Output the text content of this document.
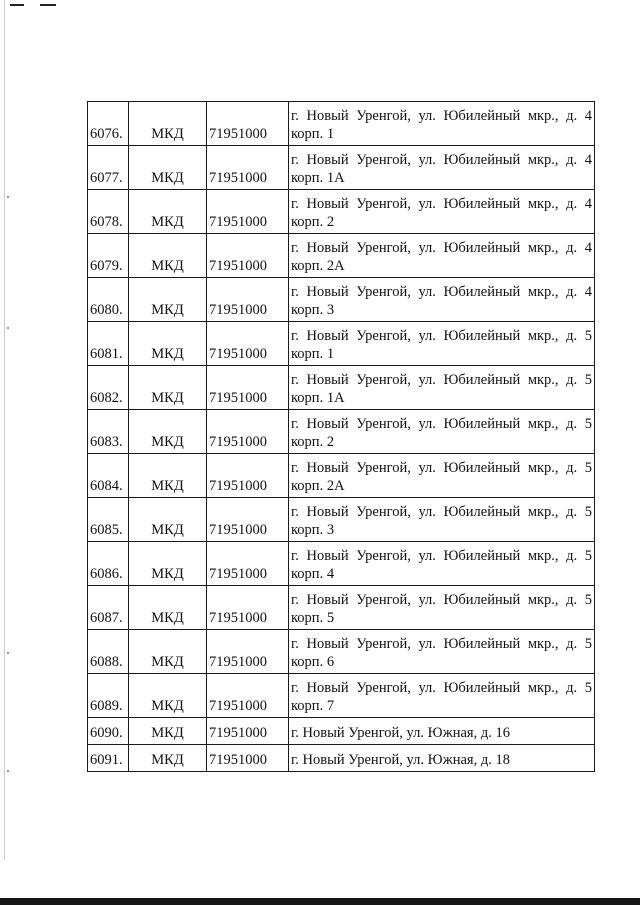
6076.	МКД	71951000	г. Новый Уренгой, ул. Юбилейный мкр., д. 4 корп. 1
6077.	МКД	71951000	г. Новый Уренгой, ул. Юбилейный мкр., д. 4 корп. 1А
6078.	МКД	71951000	г. Новый Уренгой, ул. Юбилейный мкр., д. 4 корп. 2
6079.	МКД	71951000	г. Новый Уренгой, ул. Юбилейный мкр., д. 4 корп. 2А
6080.	МКД	71951000	г. Новый Уренгой, ул. Юбилейный мкр., д. 4 корп. 3
6081.	МКД	71951000	г. Новый Уренгой, ул. Юбилейный мкр., д. 5 корп. 1
6082.	МКД	71951000	г. Новый Уренгой, ул. Юбилейный мкр., д. 5 корп. 1А
6083.	МКД	71951000	г. Новый Уренгой, ул. Юбилейный мкр., д. 5 корп. 2
6084.	МКД	71951000	г. Новый Уренгой, ул. Юбилейный мкр., д. 5 корп. 2А
6085.	МКД	71951000	г. Новый Уренгой, ул. Юбилейный мкр., д. 5 корп. 3
6086.	МКД	71951000	г. Новый Уренгой, ул. Юбилейный мкр., д. 5 корп. 4
6087.	МКД	71951000	г. Новый Уренгой, ул. Юбилейный мкр., д. 5 корп. 5
6088.	МКД	71951000	г. Новый Уренгой, ул. Юбилейный мкр., д. 5 корп. 6
6089.	МКД	71951000	г. Новый Уренгой, ул. Юбилейный мкр., д. 5 корп. 7
6090.	МКД	71951000	г. Новый Уренгой, ул. Южная, д. 16
6091.	МКД	71951000	г. Новый Уренгой, ул. Южная, д. 18
